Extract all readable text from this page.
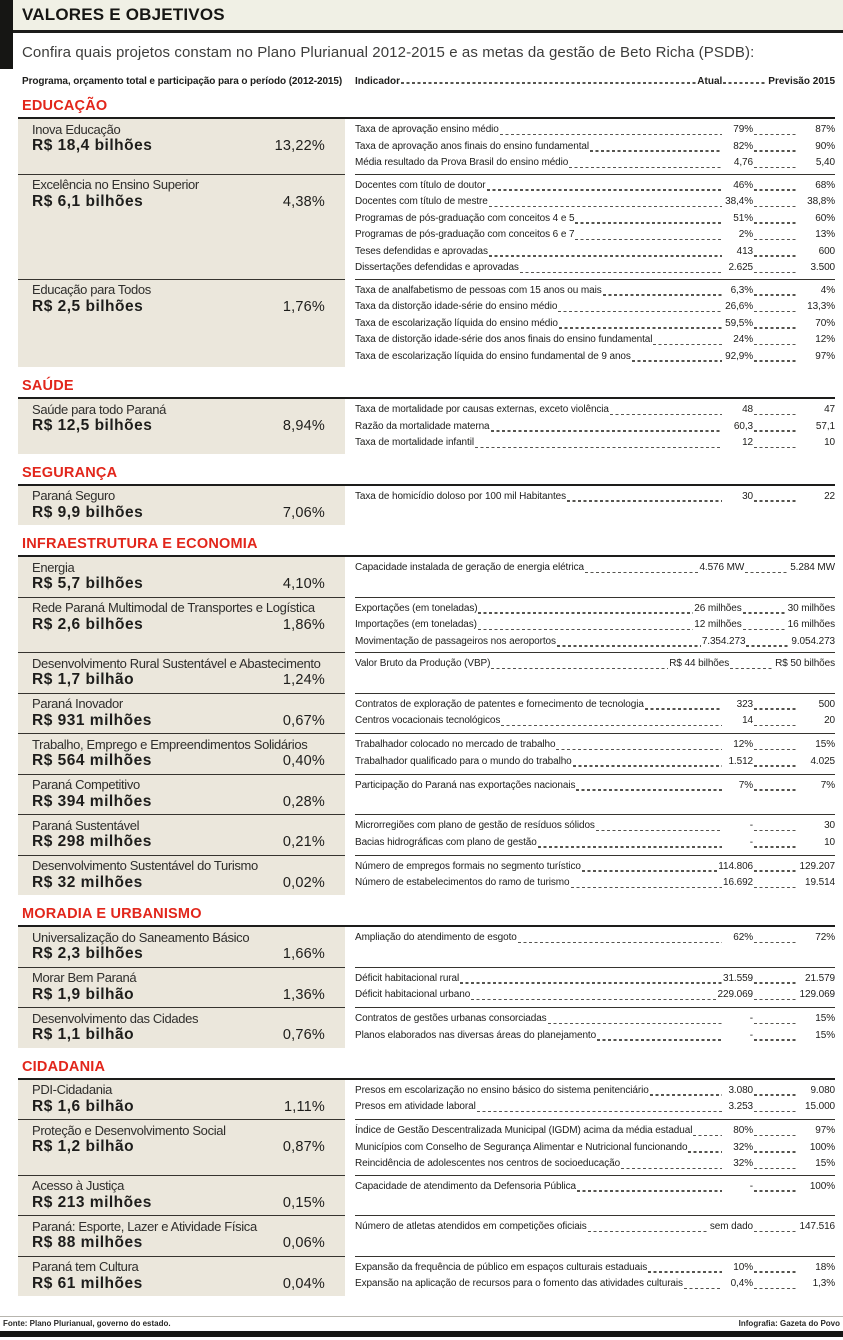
VALORES E OBJETIVOS
Confira quais projetos constam no Plano Plurianual 2012-2015 e as metas da gestão de Beto Richa (PSDB):
Programa, orçamento total e participação para o período (2012-2015) Indicador	Atual	Previsão 2015
EDUCAÇÃO
Inova Educação
R$ 18,4 bilhões	13,22%
Taxa de aprovação ensino médio	79%	87%
Taxa de aprovação anos finais do ensino fundamental	82%	90%
Média resultado da Prova Brasil do ensino médio	4,76	5,40
Excelência no Ensino Superior
R$ 6,1 bilhões	4,38%
Docentes com título de doutor	46%	68%
Docentes com título de mestre	38,4%	38,8%
Programas de pós-graduação com conceitos 4 e 5	51%	60%
Programas de pós-graduação com conceitos 6 e 7	2%	13%
Teses defendidas e aprovadas	413	600
Dissertações defendidas e aprovadas	2.625	3.500
Educação para Todos
R$ 2,5 bilhões	1,76%
Taxa de analfabetismo de pessoas com 15 anos ou mais	6,3%	4%
Taxa da distorção idade-série do ensino médio	26,6%	13,3%
Taxa de escolarização líquida do ensino médio	59,5%	70%
Taxa de distorção idade-série dos anos finais do ensino fundamental	24%	12%
Taxa de escolarização líquida do ensino fundamental de 9 anos	92,9%	97%
SAÚDE
Saúde para todo Paraná
R$ 12,5 bilhões	8,94%
Taxa de mortalidade por causas externas, exceto violência	48	47
Razão da mortalidade materna	60,3	57,1
Taxa de mortalidade infantil	12	10
SEGURANÇA
Paraná Seguro
R$ 9,9 bilhões	7,06%
Taxa de homicídio doloso por 100 mil Habitantes	30	22
INFRAESTRUTURA E ECONOMIA
Energia
R$ 5,7 bilhões	4,10%
Capacidade instalada de geração de energia elétrica	4.576 MW	5.284 MW
Rede Paraná Multimodal de Transportes e Logística
R$ 2,6 bilhões	1,86%
Exportações (em toneladas)	26 milhões	30 milhões
Importações (em toneladas)	12 milhões	16 milhões
Movimentação de passageiros nos aeroportos	7.354.273	9.054.273
Desenvolvimento Rural Sustentável e Abastecimento
R$ 1,7 bilhão	1,24%
Valor Bruto da Produção (VBP)	R$ 44 bilhões	R$ 50 bilhões
Paraná Inovador
R$ 931 milhões	0,67%
Contratos de exploração de patentes e fornecimento de tecnologia	323	500
Centros vocacionais tecnológicos	14	20
Trabalho, Emprego e Empreendimentos Solidários
R$ 564 milhões	0,40%
Trabalhador colocado no mercado de trabalho	12%	15%
Trabalhador qualificado para o mundo do trabalho	1.512	4.025
Paraná Competitivo
R$ 394 milhões	0,28%
Participação do Paraná nas exportações nacionais	7%	7%
Paraná Sustentável
R$ 298 milhões	0,21%
Microrregiões com plano de gestão de resíduos sólidos	-	30
Bacias hidrográficas com plano de gestão	-	10
Desenvolvimento Sustentável do Turismo
R$ 32 milhões	0,02%
Número de empregos formais no segmento turístico	114.806	129.207
Número de estabelecimentos do ramo de turismo	16.692	19.514
MORADIA E URBANISMO
Universalização do Saneamento Básico
R$ 2,3 bilhões	1,66%
Ampliação do atendimento de esgoto	62%	72%
Morar Bem Paraná
R$ 1,9 bilhão	1,36%
Déficit habitacional rural	31.559	21.579
Déficit habitacional urbano	229.069	129.069
Desenvolvimento das Cidades
R$ 1,1 bilhão	0,76%
Contratos de gestões urbanas consorciadas	-	15%
Planos elaborados nas diversas áreas do planejamento	-	15%
CIDADANIA
PDI-Cidadania
R$ 1,6 bilhão	1,11%
Presos em escolarização no ensino básico do sistema penitenciário	3.080	9.080
Presos em atividade laboral	3.253	15.000
Proteção e Desenvolvimento Social
R$ 1,2 bilhão	0,87%
Índice de Gestão Descentralizada Municipal (IGDM) acima da média estadual	80%	97%
Municípios com Conselho de Segurança Alimentar e Nutricional funcionando	32%	100%
Reincidência de adolescentes nos centros de socioeducação	32%	15%
Acesso à Justiça
R$ 213 milhões	0,15%
Capacidade de atendimento da Defensoria Pública	-	100%
Paraná: Esporte, Lazer e Atividade Física
R$ 88 milhões	0,06%
Número de atletas atendidos em competições oficiais	sem dado	147.516
Paraná tem Cultura
R$ 61 milhões	0,04%
Expansão da frequência de público em espaços culturais estaduais	10%	18%
Expansão na aplicação de recursos para o fomento das atividades culturais	0,4%	1,3%
Fonte: Plano Plurianual, governo do estado.	Infografia: Gazeta do Povo
